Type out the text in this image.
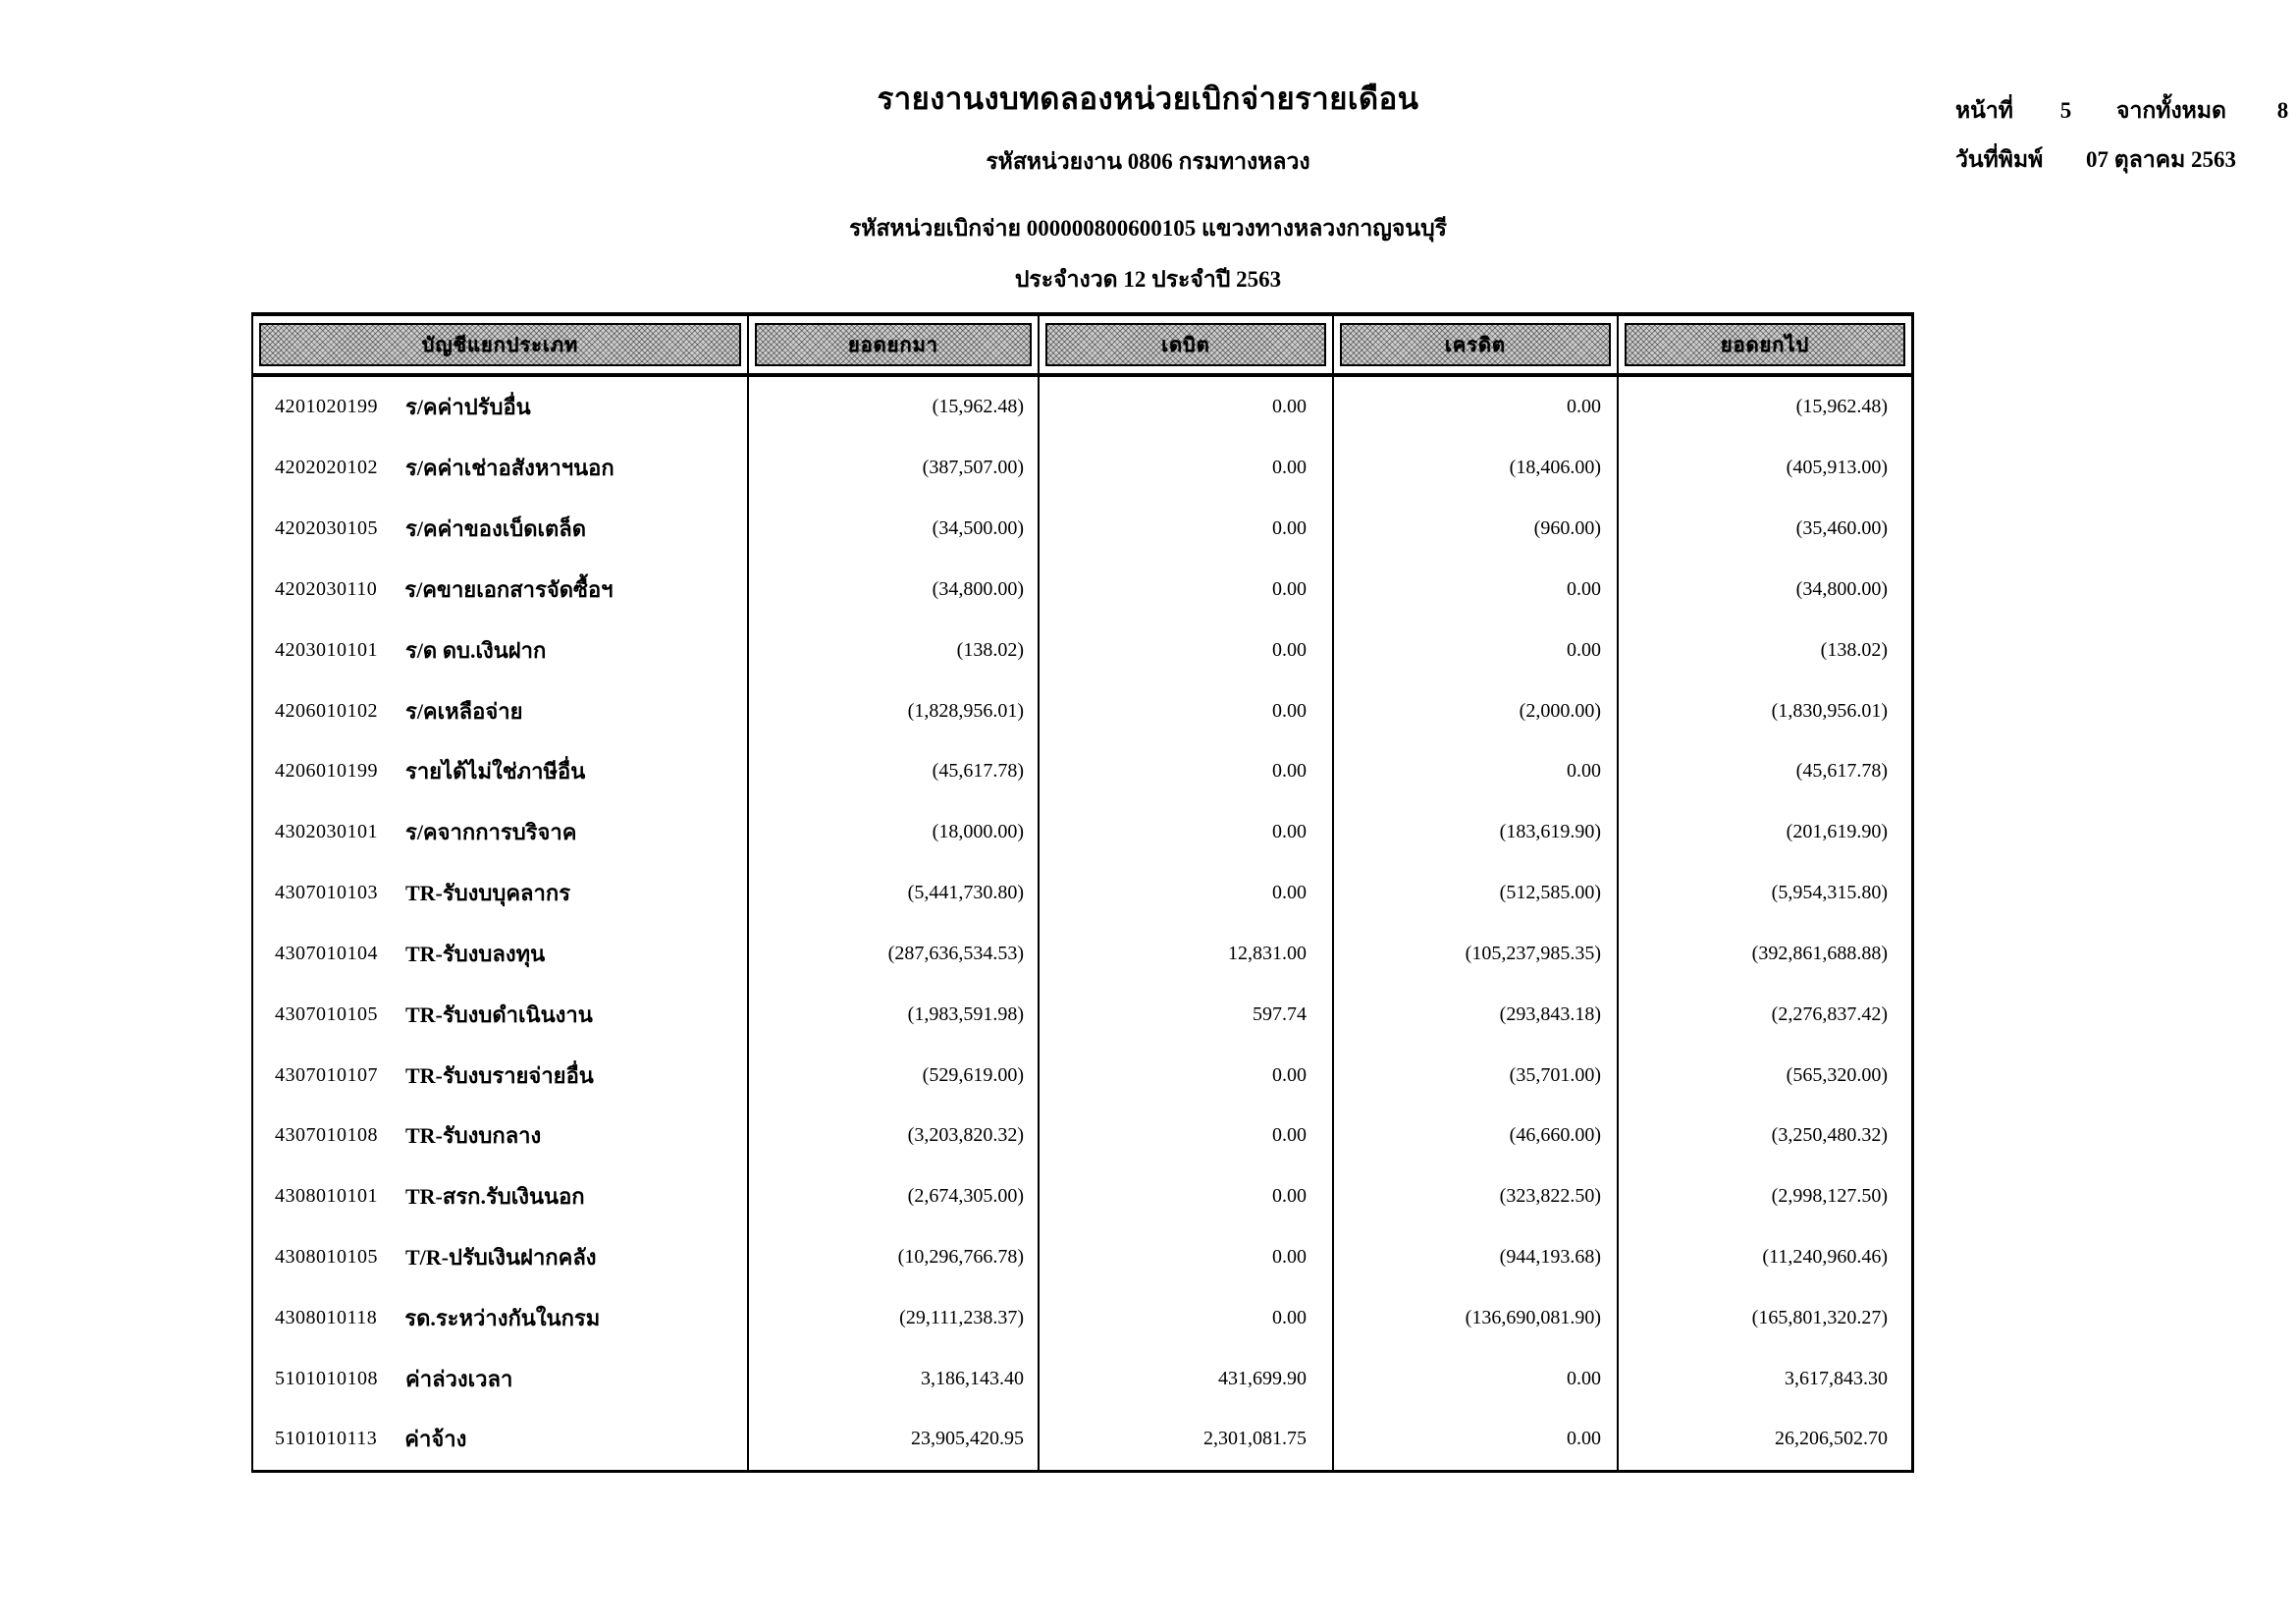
หน้าที่ 5 จากทั้งหมด 8
วันที่พิมพ์ 07 ตุลาคม 2563
รายงานงบทดลองหน่วยเบิกจ่ายรายเดือน
รหัสหน่วยงาน 0806 กรมทางหลวง
รหัสหน่วยเบิกจ่าย 000000800600105 แขวงทางหลวงกาญจนบุรี
ประจำงวด 12 ประจำปี 2563
บัญชีแยกประเภท	ยอดยกมา	เดบิต	เครดิต	ยอดยกไป
4201020199 ร/คค่าปรับอื่น	(15,962.48)	0.00	0.00	(15,962.48)
4202020102 ร/คค่าเช่าอสังหาฯนอก	(387,507.00)	0.00	(18,406.00)	(405,913.00)
4202030105 ร/คค่าของเบ็ดเตล็ด	(34,500.00)	0.00	(960.00)	(35,460.00)
4202030110 ร/คขายเอกสารจัดซื้อฯ	(34,800.00)	0.00	0.00	(34,800.00)
4203010101 ร/ด ดบ.เงินฝาก	(138.02)	0.00	0.00	(138.02)
4206010102 ร/คเหลือจ่าย	(1,828,956.01)	0.00	(2,000.00)	(1,830,956.01)
4206010199 รายได้ไม่ใช่ภาษีอื่น	(45,617.78)	0.00	0.00	(45,617.78)
4302030101 ร/คจากการบริจาค	(18,000.00)	0.00	(183,619.90)	(201,619.90)
4307010103 TR-รับงบบุคลากร	(5,441,730.80)	0.00	(512,585.00)	(5,954,315.80)
4307010104 TR-รับงบลงทุน	(287,636,534.53)	12,831.00	(105,237,985.35)	(392,861,688.88)
4307010105 TR-รับงบดำเนินงาน	(1,983,591.98)	597.74	(293,843.18)	(2,276,837.42)
4307010107 TR-รับงบรายจ่ายอื่น	(529,619.00)	0.00	(35,701.00)	(565,320.00)
4307010108 TR-รับงบกลาง	(3,203,820.32)	0.00	(46,660.00)	(3,250,480.32)
4308010101 TR-สรก.รับเงินนอก	(2,674,305.00)	0.00	(323,822.50)	(2,998,127.50)
4308010105 T/R-ปรับเงินฝากคลัง	(10,296,766.78)	0.00	(944,193.68)	(11,240,960.46)
4308010118 รด.ระหว่างกันในกรม	(29,111,238.37)	0.00	(136,690,081.90)	(165,801,320.27)
5101010108 ค่าล่วงเวลา	3,186,143.40	431,699.90	0.00	3,617,843.30
5101010113 ค่าจ้าง	23,905,420.95	2,301,081.75	0.00	26,206,502.70
